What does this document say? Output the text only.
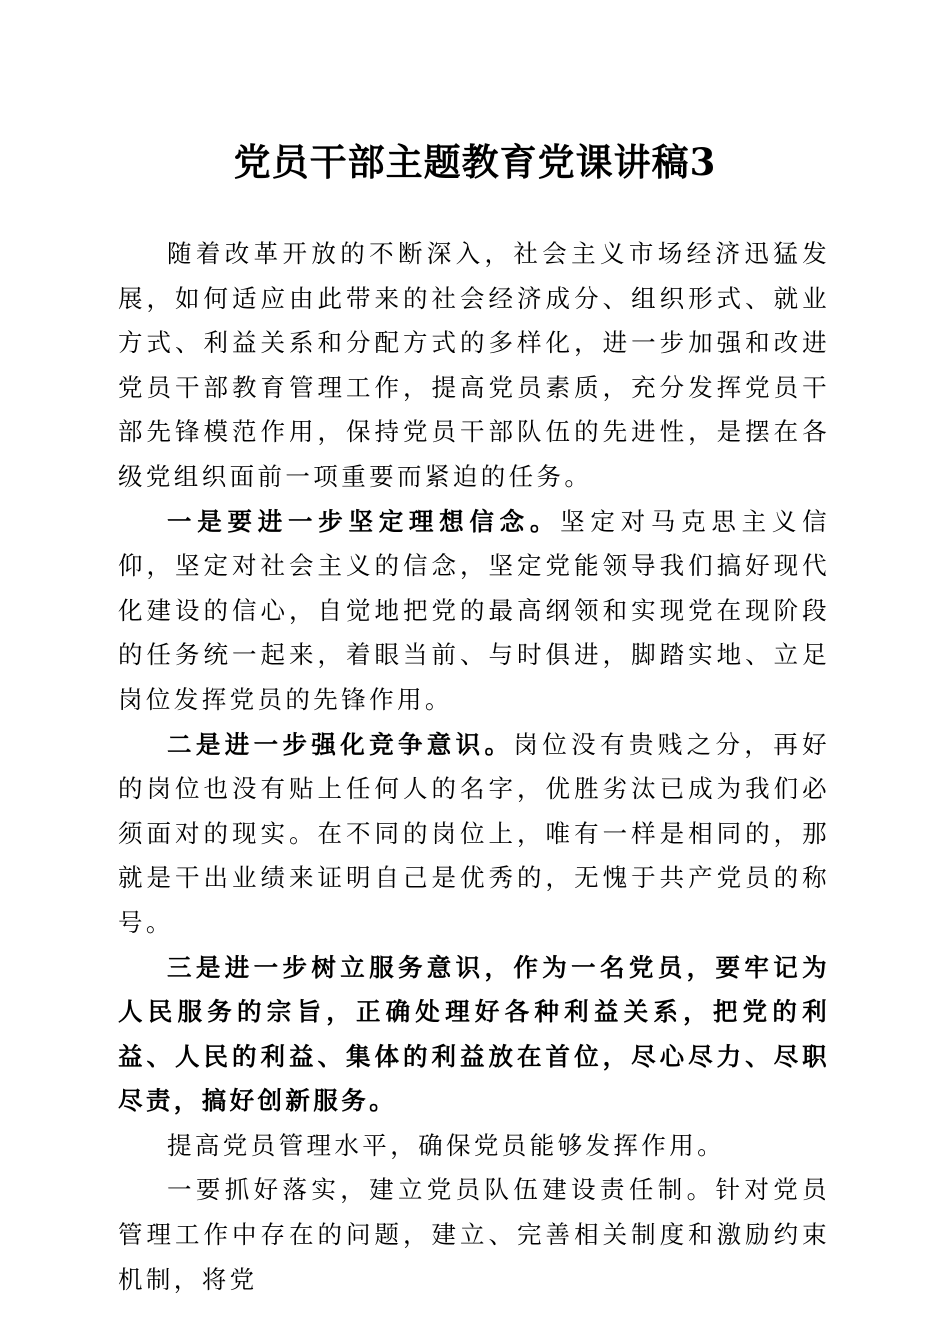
党员干部主题教育党课讲稿3

随着改革开放的不断深入，社会主义市场经济迅猛发展，如何适应由此带来的社会经济成分、组织形式、就业方式、利益关系和分配方式的多样化，进一步加强和改进党员干部教育管理工作，提高党员素质，充分发挥党员干部先锋模范作用，保持党员干部队伍的先进性，是摆在各级党组织面前一项重要而紧迫的任务。

一是要进一步坚定理想信念。坚定对马克思主义信仰，坚定对社会主义的信念，坚定党能领导我们搞好现代化建设的信心，自觉地把党的最高纲领和实现党在现阶段的任务统一起来，着眼当前、与时俱进，脚踏实地、立足岗位发挥党员的先锋作用。

二是进一步强化竞争意识。岗位没有贵贱之分，再好的岗位也没有贴上任何人的名字，优胜劣汰已成为我们必须面对的现实。在不同的岗位上，唯有一样是相同的，那就是干出业绩来证明自己是优秀的，无愧于共产党员的称号。

三是进一步树立服务意识，作为一名党员，要牢记为人民服务的宗旨，正确处理好各种利益关系，把党的利益、人民的利益、集体的利益放在首位，尽心尽力、尽职尽责，搞好创新服务。

提高党员管理水平，确保党员能够发挥作用。

一要抓好落实，建立党员队伍建设责任制。针对党员管理工作中存在的问题，建立、完善相关制度和激励约束机制，将党
